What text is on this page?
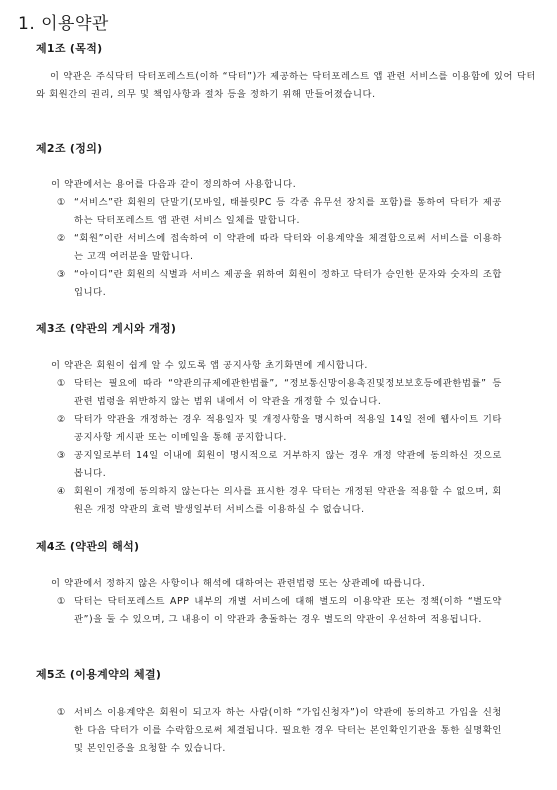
1. 이용약관
제1조 (목적)

이 약관은 주식닥터 닥터포레스트(이하 “닥터”)가 제공하는 닥터포레스트 앱 관련 서비스를 이용함에 있어 닥터와 회원간의 권리, 의무 및 책임사항과 절차 등을 정하기 위해 만들어졌습니다.

제2조 (정의)

이 약관에서는 용어를 다음과 같이 정의하여 사용합니다.

① “서비스”란 회원의 단말기(모바일, 태블릿PC 등 각종 유무선 장치를 포함)를 통하여 닥터가 제공하는 닥터포레스트 앱 관련 서비스 일체를 말합니다.

② “회원”이란 서비스에 접속하여 이 약관에 따라 닥터와 이용계약을 체결함으로써 서비스를 이용하는 고객 여러분을 말합니다.

③ “아이디”란 회원의 식별과 서비스 제공을 위하여 회원이 정하고 닥터가 승인한 문자와 숫자의 조합입니다.

제3조 (약관의 게시와 개정)

이 약관은 회원이 쉽게 알 수 있도록 앱 공지사항 초기화면에 게시합니다.

① 닥터는 필요에 따라 “약관의규제에관한법률”, “정보통신망이용촉진및정보보호등에관한법률” 등 관련 법령을 위반하지 않는 범위 내에서 이 약관을 개정할 수 있습니다.

② 닥터가 약관을 개정하는 경우 적용일자 및 개정사항을 명시하여 적용일 14일 전에 웹사이트 기타 공지사항 게시판 또는 이메일을 통해 공지합니다.

③ 공지일로부터 14일 이내에 회원이 명시적으로 거부하지 않는 경우 개정 약관에 동의하신 것으로 봅니다.

④ 회원이 개정에 동의하지 않는다는 의사를 표시한 경우 닥터는 개정된 약관을 적용할 수 없으며, 회원은 개정 약관의 효력 발생일부터 서비스를 이용하실 수 없습니다.

제4조 (약관의 해석)

이 약관에서 정하지 않은 사항이나 해석에 대하여는 관련법령 또는 상관례에 따릅니다.

① 닥터는 닥터포레스트 APP 내부의 개별 서비스에 대해 별도의 이용약관 또는 정책(이하 “별도약관”)을 둘 수 있으며, 그 내용이 이 약관과 충돌하는 경우 별도의 약관이 우선하여 적용됩니다.

제5조 (이용계약의 체결)
① 서비스 이용계약은 회원이 되고자 하는 사람(이하 “가입신청자”)이 약관에 동의하고 가입을 신청한 다음 닥터가 이를 수락함으로써 체결됩니다. 필요한 경우 닥터는 본인확인기관을 통한 실명확인 및 본인인증을 요청할 수 있습니다.
